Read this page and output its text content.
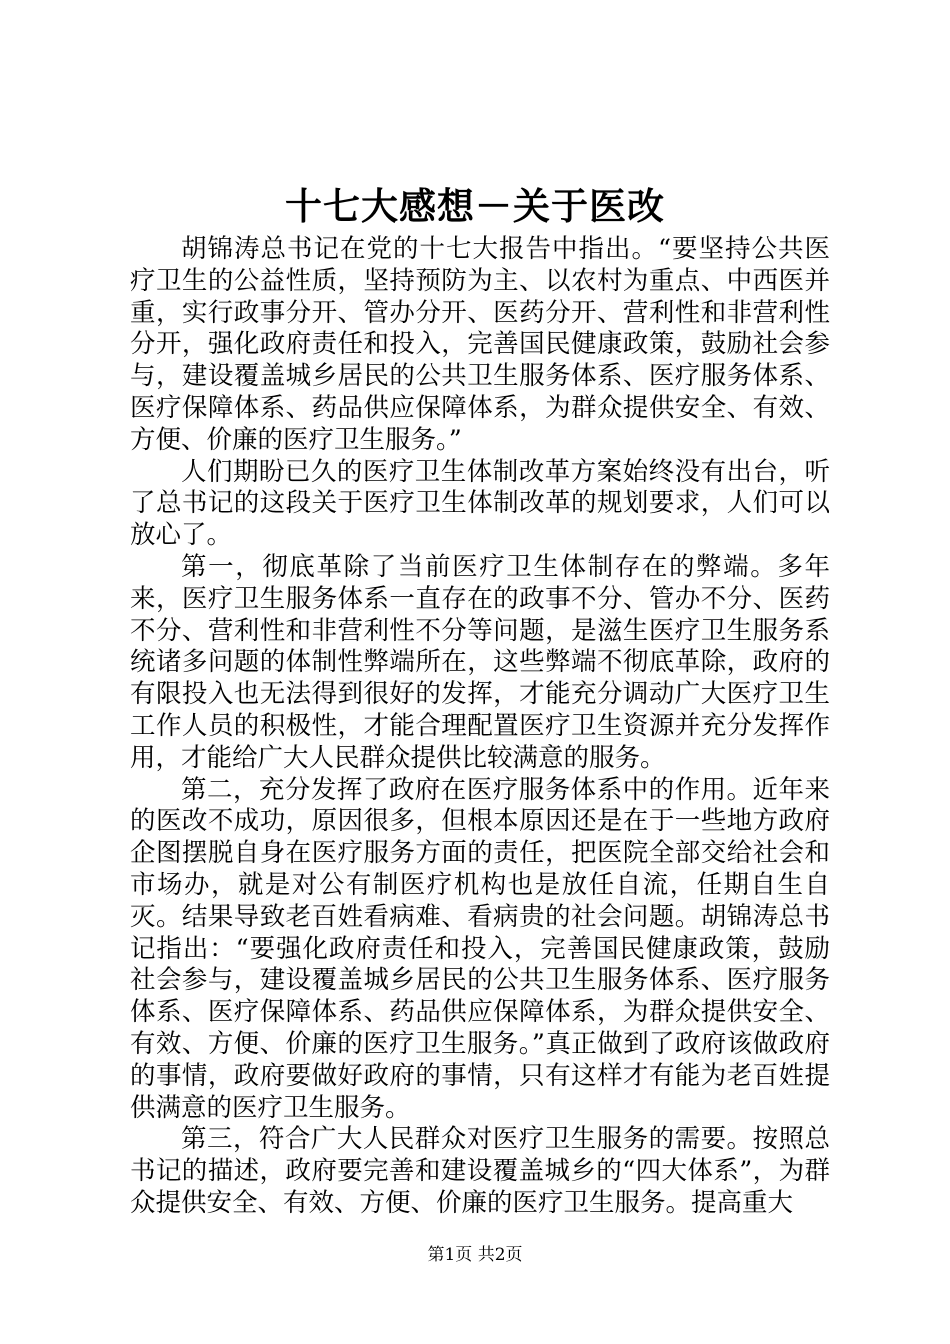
十七大感想－关于医改

胡锦涛总书记在党的十七大报告中指出。“要坚持公共医疗卫生的公益性质，坚持预防为主、以农村为重点、中西医并重，实行政事分开、管办分开、医药分开、营利性和非营利性分开，强化政府责任和投入，完善国民健康政策，鼓励社会参与，建设覆盖城乡居民的公共卫生服务体系、医疗服务体系、医疗保障体系、药品供应保障体系，为群众提供安全、有效、方便、价廉的医疗卫生服务。”

人们期盼已久的医疗卫生体制改革方案始终没有出台，听了总书记的这段关于医疗卫生体制改革的规划要求，人们可以放心了。

第一，彻底革除了当前医疗卫生体制存在的弊端。多年来，医疗卫生服务体系一直存在的政事不分、管办不分、医药不分、营利性和非营利性不分等问题，是滋生医疗卫生服务系统诸多问题的体制性弊端所在，这些弊端不彻底革除，政府的有限投入也无法得到很好的发挥，才能充分调动广大医疗卫生工作人员的积极性，才能合理配置医疗卫生资源并充分发挥作用，才能给广大人民群众提供比较满意的服务。

第二，充分发挥了政府在医疗服务体系中的作用。近年来的医改不成功，原因很多，但根本原因还是在于一些地方政府企图摆脱自身在医疗服务方面的责任，把医院全部交给社会和市场办，就是对公有制医疗机构也是放任自流，任期自生自灭。结果导致老百姓看病难、看病贵的社会问题。胡锦涛总书记指出：“要强化政府责任和投入，完善国民健康政策，鼓励社会参与，建设覆盖城乡居民的公共卫生服务体系、医疗服务体系、医疗保障体系、药品供应保障体系，为群众提供安全、有效、方便、价廉的医疗卫生服务。”真正做到了政府该做政府的事情，政府要做好政府的事情，只有这样才有能为老百姓提供满意的医疗卫生服务。

第三，符合广大人民群众对医疗卫生服务的需要。按照总书记的描述，政府要完善和建设覆盖城乡的“四大体系”，为群众提供安全、有效、方便、价廉的医疗卫生服务。提高重大

第1页 共2页
